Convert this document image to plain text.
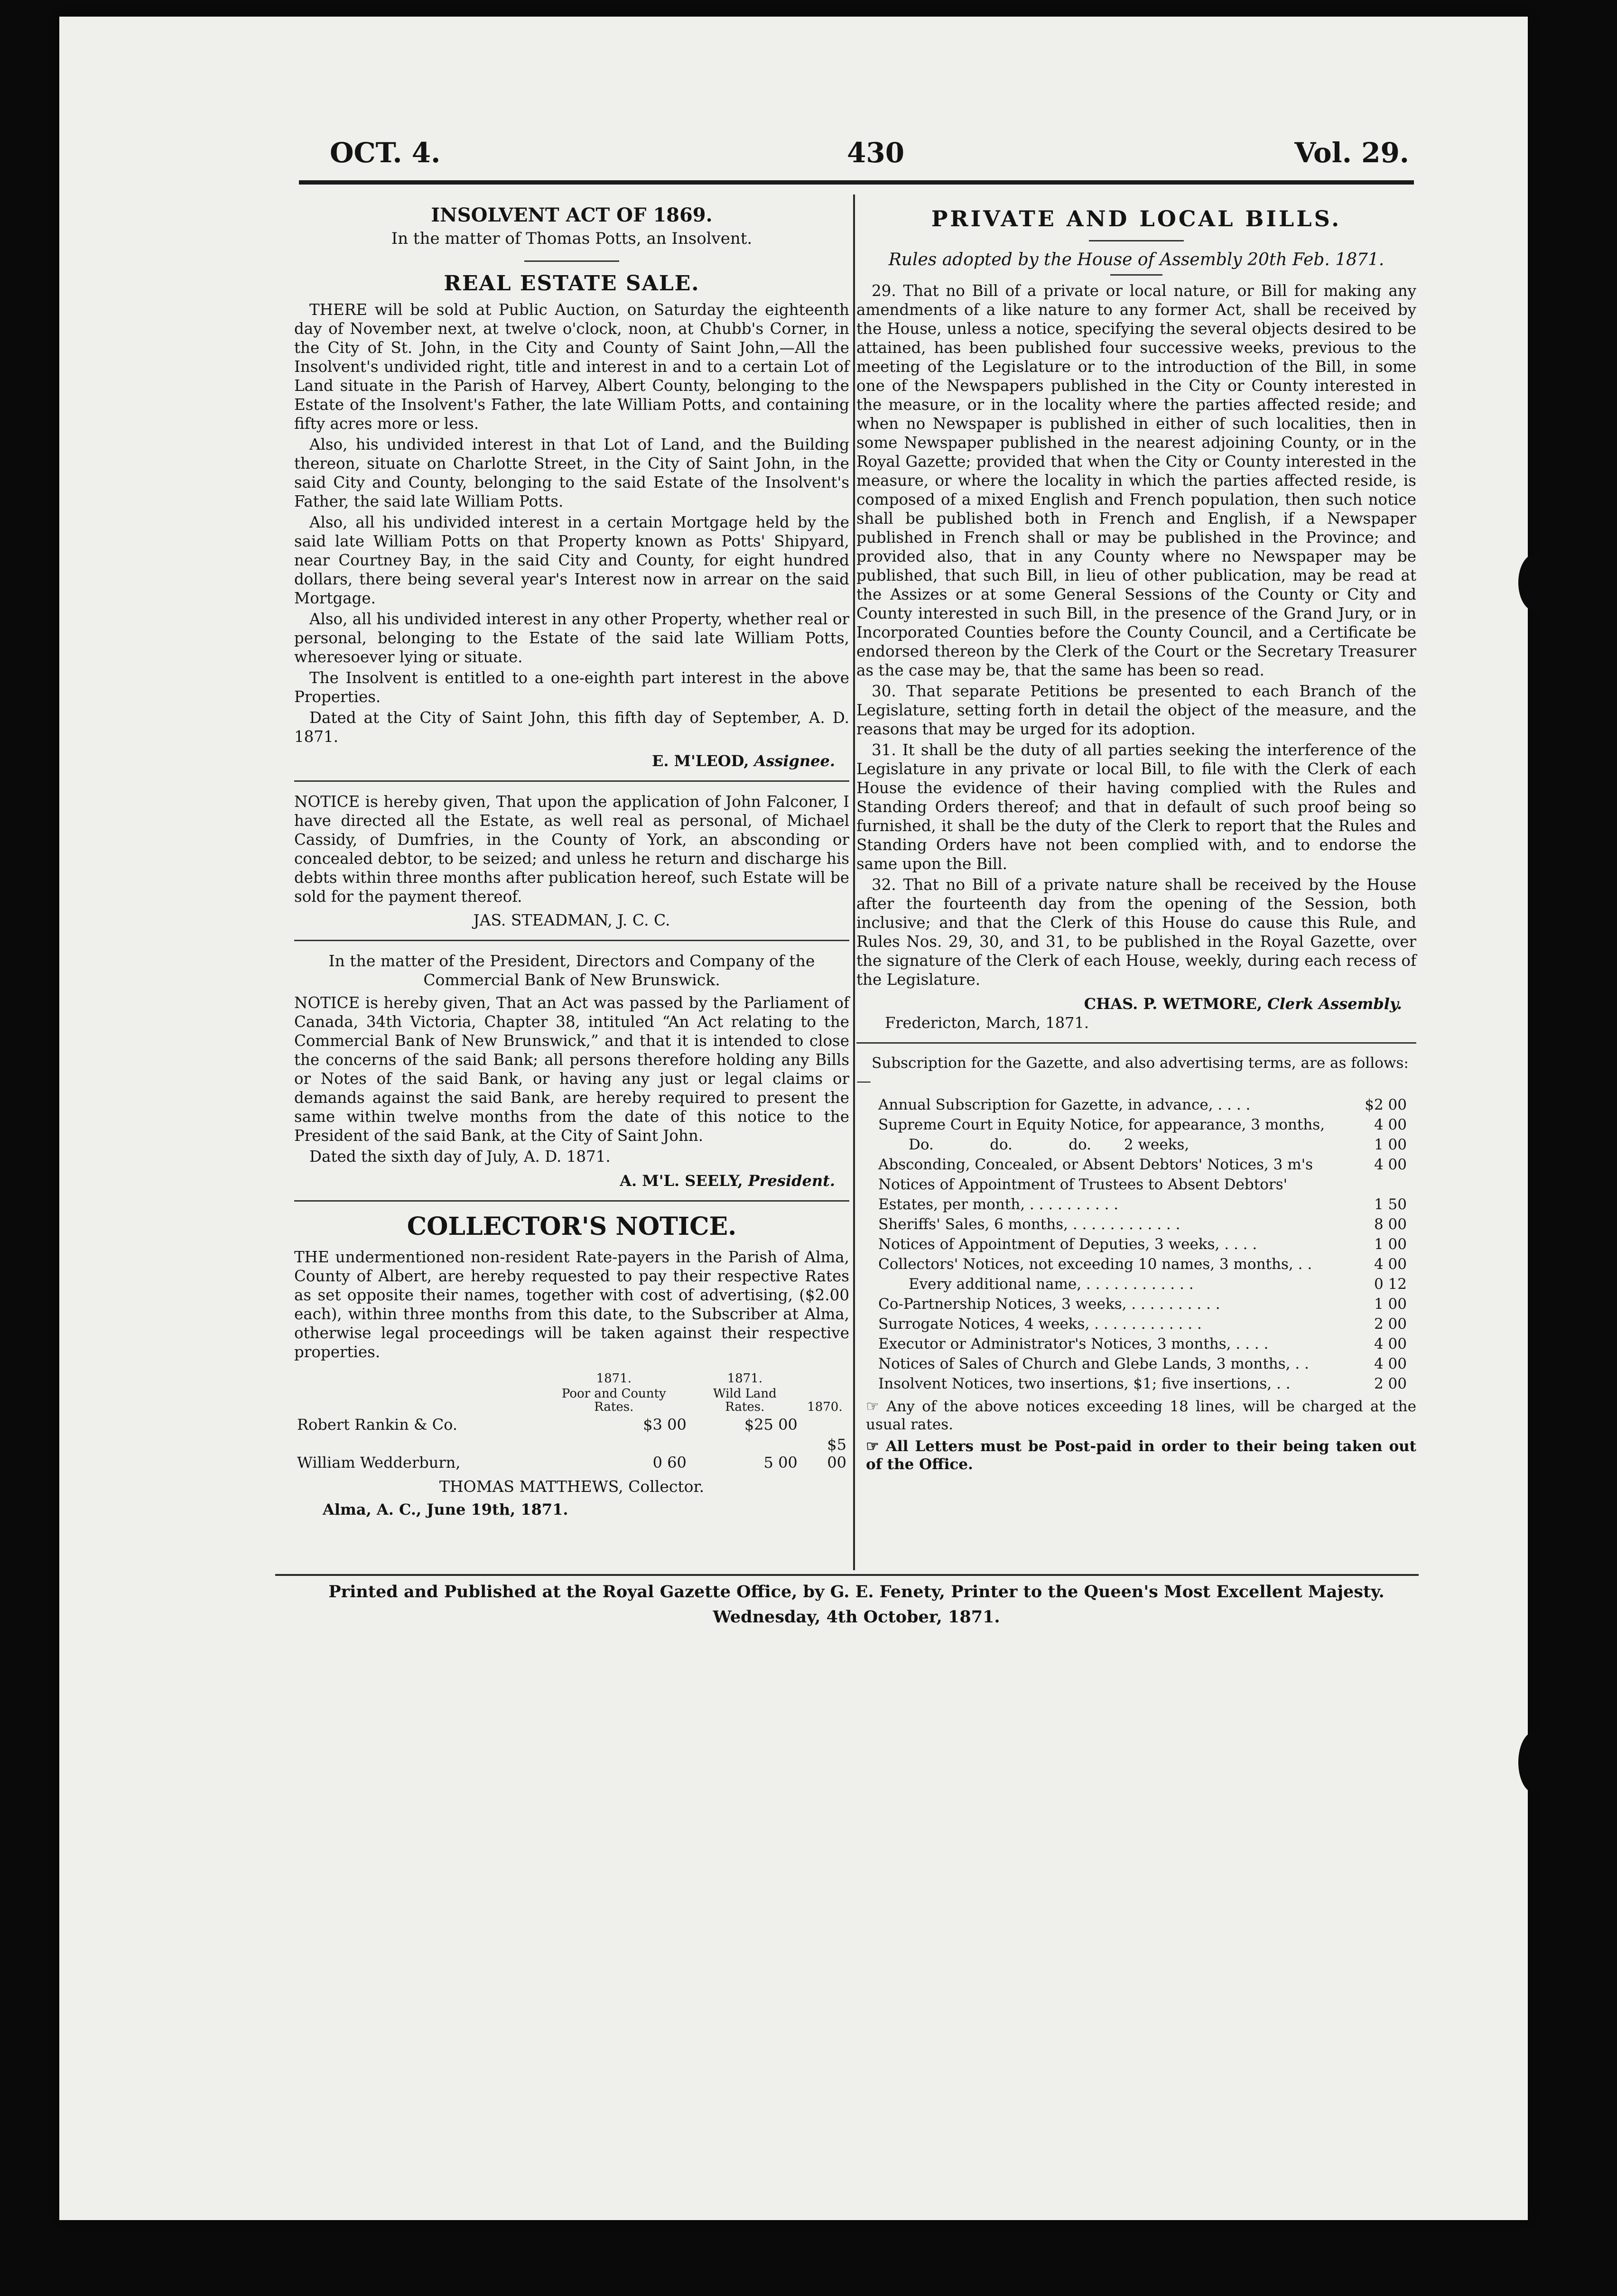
OCT. 4.	430	Vol. 29.
INSOLVENT ACT OF 1869.
In the matter of Thomas Potts, an Insolvent.
REAL ESTATE SALE.

THERE will be sold at Public Auction, on Saturday the eighteenth day of November next, at twelve o'clock, noon, at Chubb's Corner, in the City of St. John, in the City and County of Saint John,—All the Insolvent's undivided right, title and interest in and to a certain Lot of Land situate in the Parish of Harvey, Albert County, belonging to the Estate of the Insolvent's Father, the late William Potts, and containing fifty acres more or less.

Also, his undivided interest in that Lot of Land, and the Building thereon, situate on Charlotte Street, in the City of Saint John, in the said City and County, belonging to the said Estate of the Insolvent's Father, the said late William Potts.

Also, all his undivided interest in a certain Mortgage held by the said late William Potts on that Property known as Potts' Shipyard, near Courtney Bay, in the said City and County, for eight hundred dollars, there being several year's Interest now in arrear on the said Mortgage.

Also, all his undivided interest in any other Property, whether real or personal, belonging to the Estate of the said late William Potts, wheresoever lying or situate.

The Insolvent is entitled to a one-eighth part interest in the above Properties.

Dated at the City of Saint John, this fifth day of September, A. D. 1871.

E. M'LEOD, Assignee.

NOTICE is hereby given, That upon the application of John Falconer, I have directed all the Estate, as well real as personal, of Michael Cassidy, of Dumfries, in the County of York, an absconding or concealed debtor, to be seized; and unless he return and discharge his debts within three months after publication hereof, such Estate will be sold for the payment thereof.

JAS. STEADMAN, J. C. C.
In the matter of the President, Directors and Company of the Commercial Bank of New Brunswick.

NOTICE is hereby given, That an Act was passed by the Parliament of Canada, 34th Victoria, Chapter 38, intituled “An Act relating to the Commercial Bank of New Brunswick,” and that it is intended to close the concerns of the said Bank; all persons therefore holding any Bills or Notes of the said Bank, or having any just or legal claims or demands against the said Bank, are hereby required to present the same within twelve months from the date of this notice to the President of the said Bank, at the City of Saint John.

Dated the sixth day of July, A. D. 1871.

A. M'L. SEELY, President.
COLLECTOR'S NOTICE.

THE undermentioned non-resident Rate-payers in the Parish of Alma, County of Albert, are hereby requested to pay their respective Rates as set opposite their names, together with cost of advertising, ($2.00 each), within three months from this date, to the Subscriber at Alma, otherwise legal proceedings will be taken against their respective properties.

	1871.	1871.	
	Poor and County Rates.	Wild Land Rates.	1870.
Robert Rankin & Co.	$3 00	$25 00	
William Wedderburn,	0 60	5 00	$5 00
THOMAS MATTHEWS, Collector.
Alma, A. C., June 19th, 1871.
PRIVATE AND LOCAL BILLS.
Rules adopted by the House of Assembly 20th Feb. 1871.

29. That no Bill of a private or local nature, or Bill for making any amendments of a like nature to any former Act, shall be received by the House, unless a notice, specifying the several objects desired to be attained, has been published four successive weeks, previous to the meeting of the Legislature or to the introduction of the Bill, in some one of the Newspapers published in the City or County interested in the measure, or in the locality where the parties affected reside; and when no Newspaper is published in either of such localities, then in some Newspaper published in the nearest adjoining County, or in the Royal Gazette; provided that when the City or County interested in the measure, or where the locality in which the parties affected reside, is composed of a mixed English and French population, then such notice shall be published both in French and English, if a Newspaper published in French shall or may be published in the Province; and provided also, that in any County where no Newspaper may be published, that such Bill, in lieu of other publication, may be read at the Assizes or at some General Sessions of the County or City and County interested in such Bill, in the presence of the Grand Jury, or in Incorporated Counties before the County Council, and a Certificate be endorsed thereon by the Clerk of the Court or the Secretary Treasurer as the case may be, that the same has been so read.

30. That separate Petitions be presented to each Branch of the Legislature, setting forth in detail the object of the measure, and the reasons that may be urged for its adoption.

31. It shall be the duty of all parties seeking the interference of the Legislature in any private or local Bill, to file with the Clerk of each House the evidence of their having complied with the Rules and Standing Orders thereof; and that in default of such proof being so furnished, it shall be the duty of the Clerk to report that the Rules and Standing Orders have not been complied with, and to endorse the same upon the Bill.

32. That no Bill of a private nature shall be received by the House after the fourteenth day from the opening of the Session, both inclusive; and that the Clerk of this House do cause this Rule, and Rules Nos. 29, 30, and 31, to be published in the Royal Gazette, over the signature of the Clerk of each House, weekly, during each recess of the Legislature.

CHAS. P. WETMORE, Clerk Assembly.
Fredericton, March, 1871.
Subscription for the Gazette, and also advertising terms, are as follows:—
Annual Subscription for Gazette, in advance, . . . .	$2 00
Supreme Court in Equity Notice, for appearance, 3 months,	4 00
Do.            do.            do.       2 weeks,	1 00
Absconding, Concealed, or Absent Debtors' Notices, 3 m's	4 00
Notices of Appointment of Trustees to Absent Debtors' Estates, per month, . . . . . . . . . .	1 50
Sheriffs' Sales, 6 months, . . . . . . . . . . . .	8 00
Notices of Appointment of Deputies, 3 weeks, . . . .	1 00
Collectors' Notices, not exceeding 10 names, 3 months, . .	4 00
Every additional name, . . . . . . . . . . . .	0 12
Co-Partnership Notices, 3 weeks, . . . . . . . . . .	1 00
Surrogate Notices, 4 weeks, . . . . . . . . . . . .	2 00
Executor or Administrator's Notices, 3 months, . . . .	4 00
Notices of Sales of Church and Glebe Lands, 3 months, . .	4 00
Insolvent Notices, two insertions, $1; five insertions, . .	2 00

☞ Any of the above notices exceeding 18 lines, will be charged at the usual rates.

☞ All Letters must be Post-paid in order to their being taken out of the Office.

Printed and Published at the Royal Gazette Office, by G. E. Fenety, Printer to the Queen's Most Excellent Majesty.
Wednesday, 4th October, 1871.
